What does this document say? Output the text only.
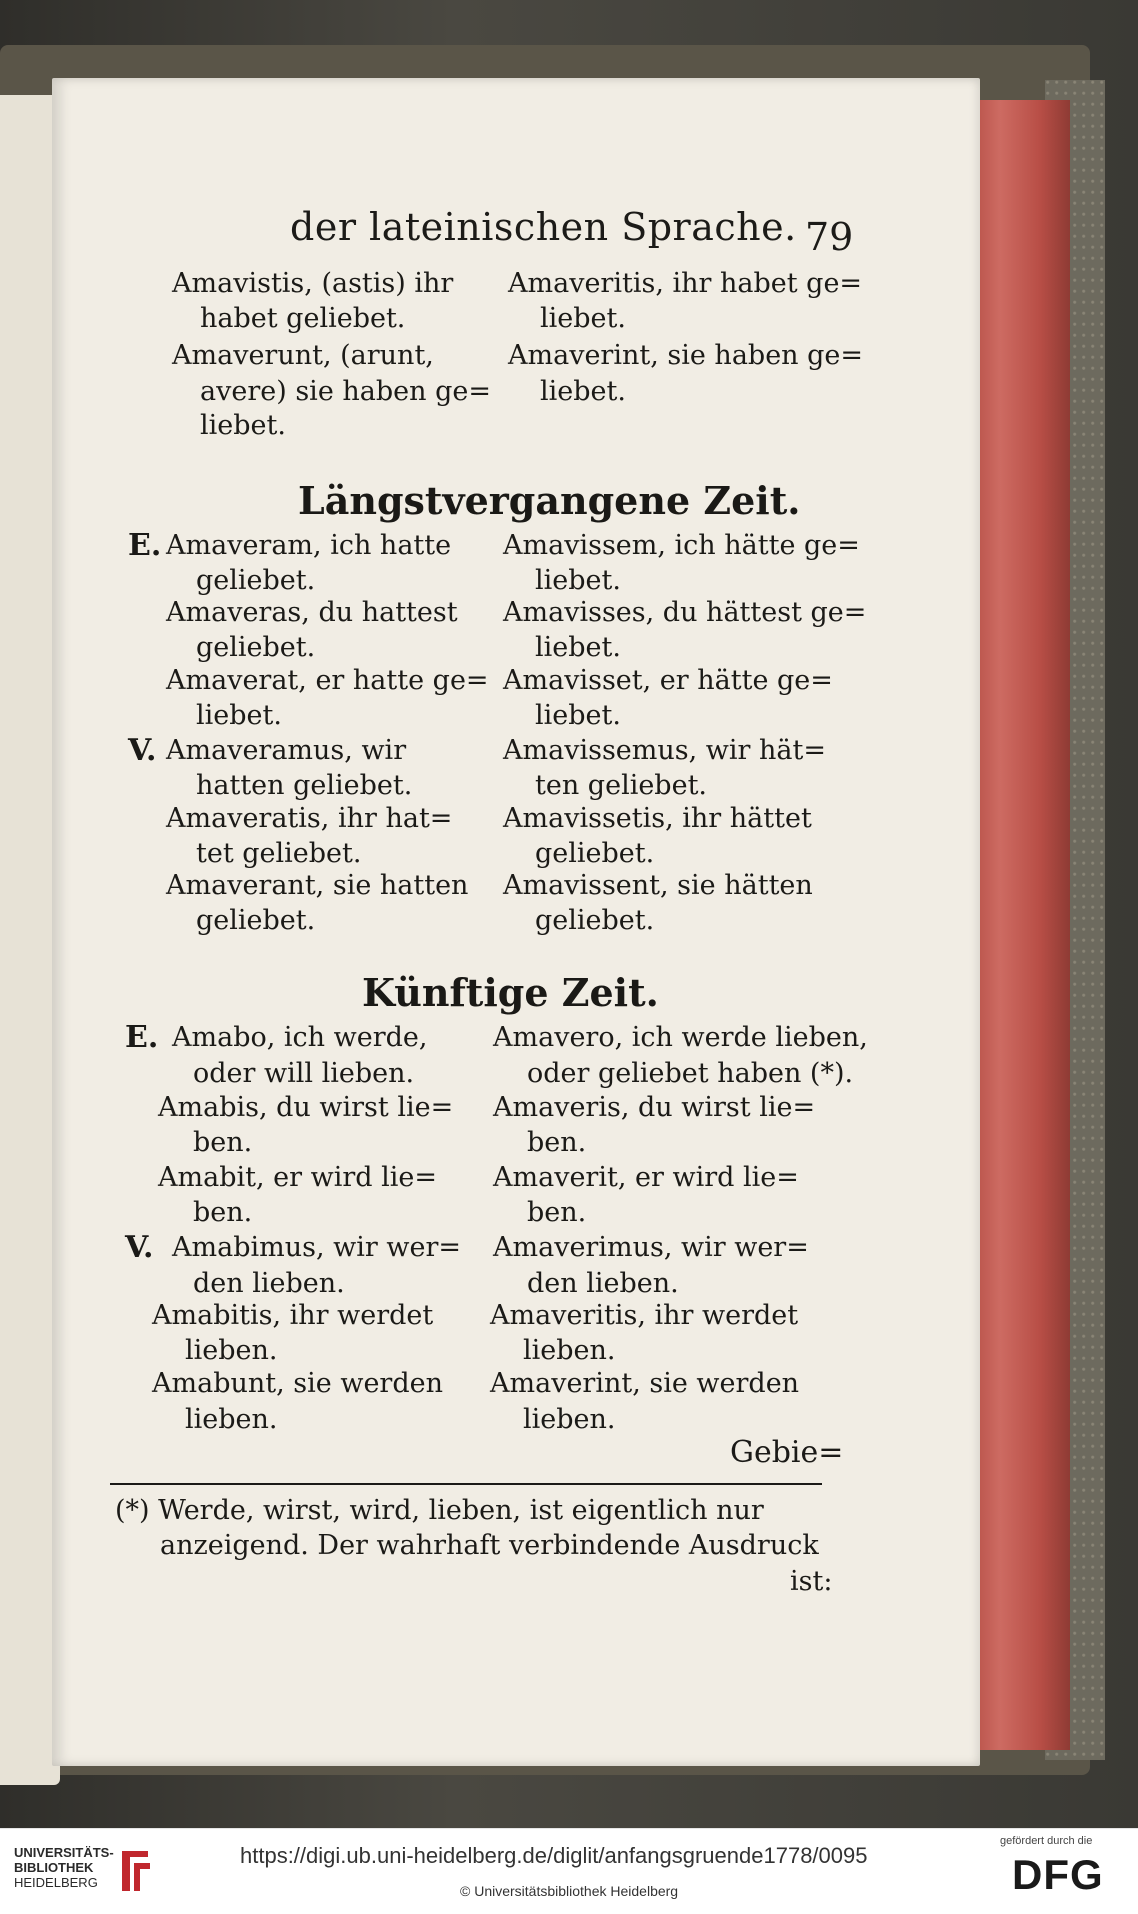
der lateinischen Sprache. 79
Amavistis, (astis) ihr
habet geliebet.
Amaverunt, (arunt,
avere) sie haben ge=
liebet.
Amaveritis, ihr habet ge=
liebet.
Amaverint, sie haben ge=
liebet.
Längstvergangene Zeit.
E. Amaveram, ich hatte
geliebet.
Amaveras, du hattest
geliebet.
Amaverat, er hatte ge=
liebet.
V. Amaveramus, wir
hatten geliebet.
Amaveratis, ihr hat=
tet geliebet.
Amaverant, sie hatten
geliebet.
Amavissem, ich hätte ge=
liebet.
Amavisses, du hättest ge=
liebet.
Amavisset, er hätte ge=
liebet.
Amavissemus, wir hät=
ten geliebet.
Amavissetis, ihr hättet
geliebet.
Amavissent, sie hätten
geliebet.
Künftige Zeit.
E. Amabo, ich werde,
oder will lieben.
Amabis, du wirst lie=
ben.
Amabit, er wird lie=
ben.
V. Amabimus, wir wer=
den lieben.
Amabitis, ihr werdet
lieben.
Amabunt, sie werden
lieben.
Amavero, ich werde lieben,
oder geliebet haben (*).
Amaveris, du wirst lie=
ben.
Amaverit, er wird lie=
ben.
Amaverimus, wir wer=
den lieben.
Amaveritis, ihr werdet
lieben.
Amaverint, sie werden
lieben.
Gebie=
(*) Werde, wirst, wird, lieben, ist eigentlich nur
anzeigend. Der wahrhaft verbindende Ausdruck
ist:
UNIVERSITÄTS-
BIBLIOTHEK
HEIDELBERG
https://digi.ub.uni-heidelberg.de/diglit/anfangsgruende1778/0095
© Universitätsbibliothek Heidelberg
gefördert durch die
DFG
